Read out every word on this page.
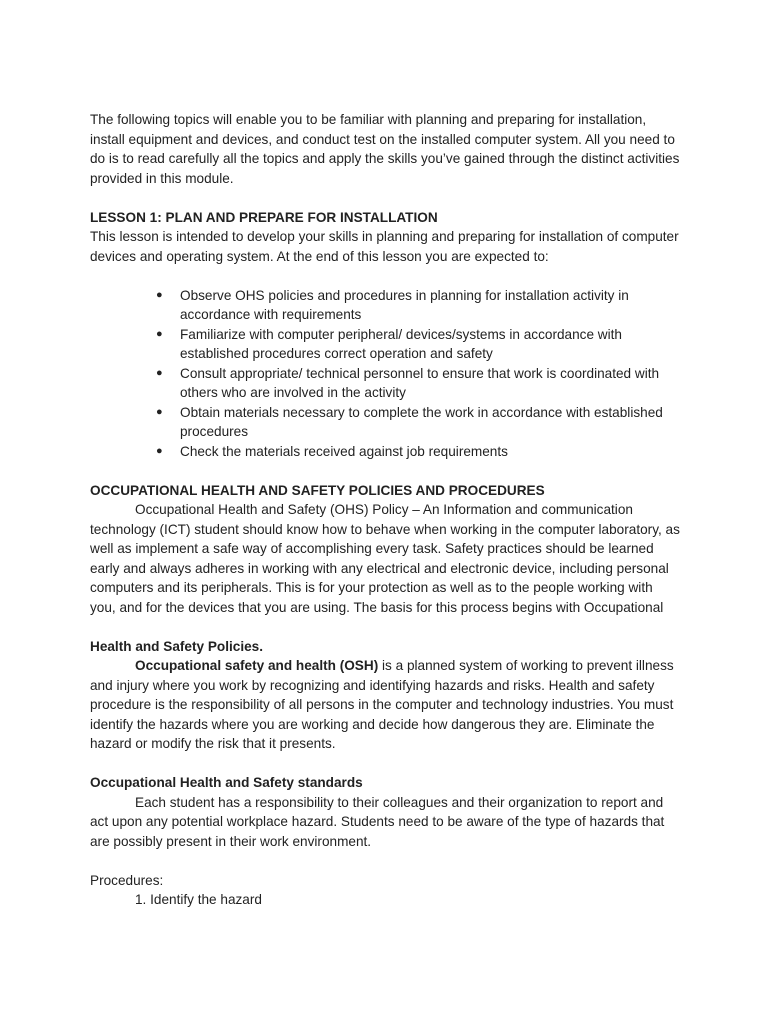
The following topics will enable you to be familiar with planning and preparing for installation, install equipment and devices, and conduct test on the installed computer system. All you need to do is to read carefully all the topics and apply the skills you’ve gained through the distinct activities provided in this module.

LESSON 1: PLAN AND PREPARE FOR INSTALLATION

This lesson is intended to develop your skills in planning and preparing for installation of computer devices and operating system. At the end of this lesson you are expected to:

● Observe OHS policies and procedures in planning for installation activity in accordance with requirements
● Familiarize with computer peripheral/ devices/systems in accordance with established procedures correct operation and safety
● Consult appropriate/ technical personnel to ensure that work is coordinated with others who are involved in the activity
● Obtain materials necessary to complete the work in accordance with established procedures
● Check the materials received against job requirements

OCCUPATIONAL HEALTH AND SAFETY POLICIES AND PROCEDURES

Occupational Health and Safety (OHS) Policy – An Information and communication technology (ICT) student should know how to behave when working in the computer laboratory, as well as implement a safe way of accomplishing every task. Safety practices should be learned early and always adheres in working with any electrical and electronic device, including personal computers and its peripherals. This is for your protection as well as to the people working with you, and for the devices that you are using. The basis for this process begins with Occupational

Health and Safety Policies.

Occupational safety and health (OSH) is a planned system of working to prevent illness and injury where you work by recognizing and identifying hazards and risks. Health and safety procedure is the responsibility of all persons in the computer and technology industries. You must identify the hazards where you are working and decide how dangerous they are. Eliminate the hazard or modify the risk that it presents.

Occupational Health and Safety standards

Each student has a responsibility to their colleagues and their organization to report and act upon any potential workplace hazard. Students need to be aware of the type of hazards that are possibly present in their work environment.

Procedures:

1. Identify the hazard
